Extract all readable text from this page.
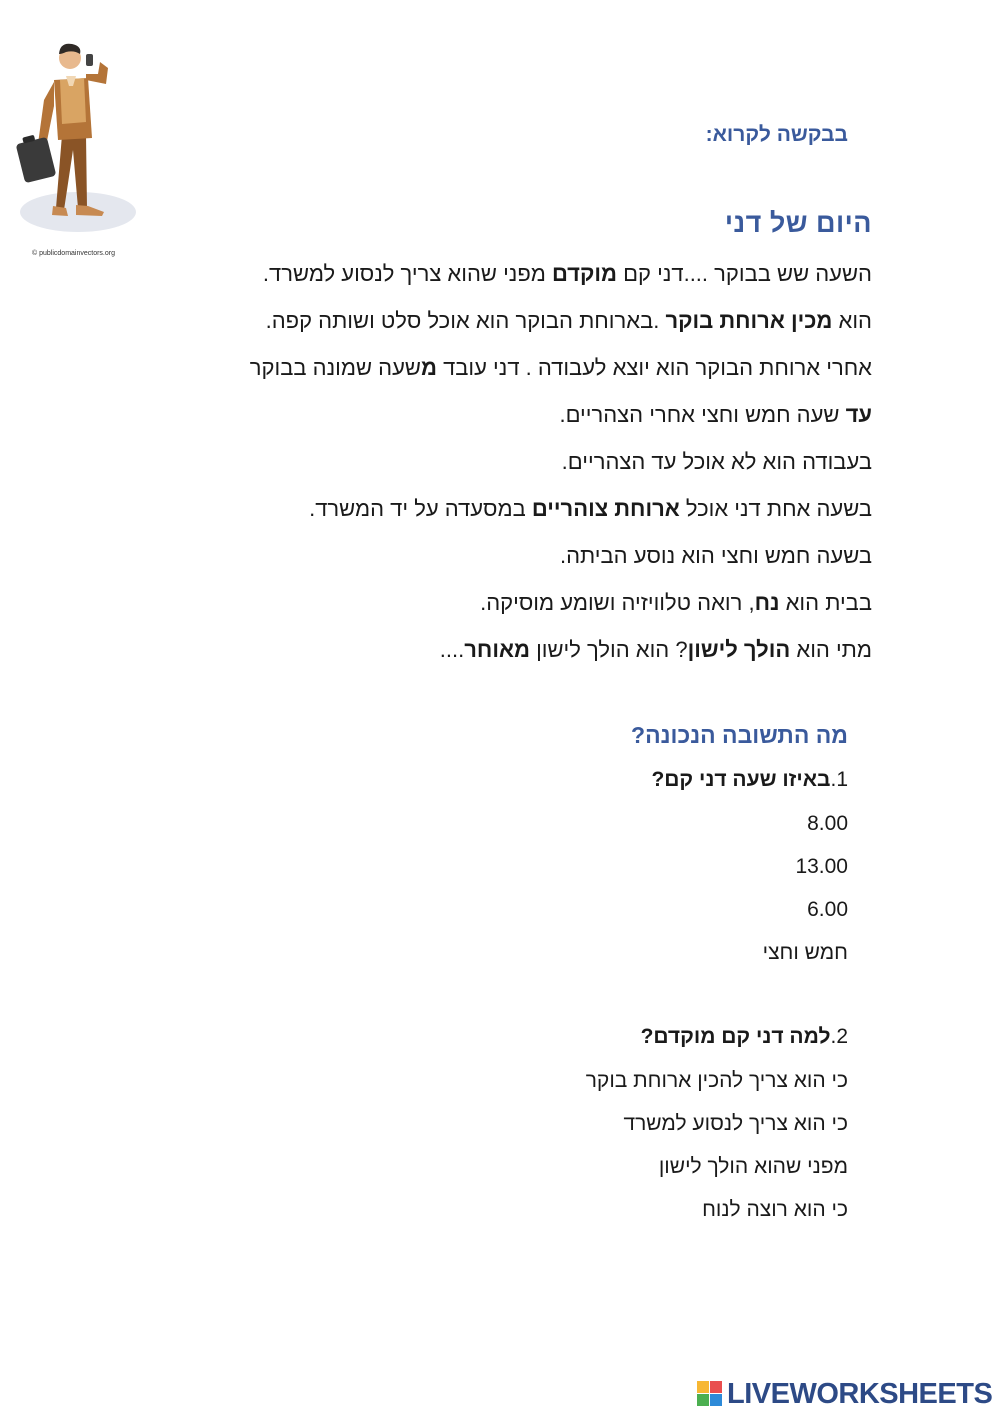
© publicdomainvectors.org
בבקשה לקרוא:
היום של דני
השעה שש בבוקר ....דני קם מוקדם מפני שהוא צריך לנסוע למשרד.
הוא מכין ארוחת בוקר .בארוחת הבוקר הוא אוכל סלט ושותה קפה.
אחרי ארוחת הבוקר הוא יוצא לעבודה . דני עובד משעה שמונה בבוקר
עד שעה חמש וחצי אחרי הצהריים.
בעבודה הוא לא אוכל עד הצהריים.
בשעה אחת דני אוכל ארוחת צוהריים במסעדה על יד המשרד.
בשעה חמש וחצי הוא נוסע הביתה.
בבית הוא נח, רואה טלוויזיה ושומע מוסיקה.
מתי הוא הולך לישון? הוא הולך לישון מאוחר....
מה התשובה הנכונה?
1.באיזו שעה דני קם?
8.00
13.00
6.00
חמש וחצי
2.למה דני קם מוקדם?
כי הוא צריך להכין ארוחת בוקר
כי הוא צריך לנסוע למשרד
מפני שהוא הולך לישון
כי הוא רוצה לנוח
LIVEWORKSHEETS
